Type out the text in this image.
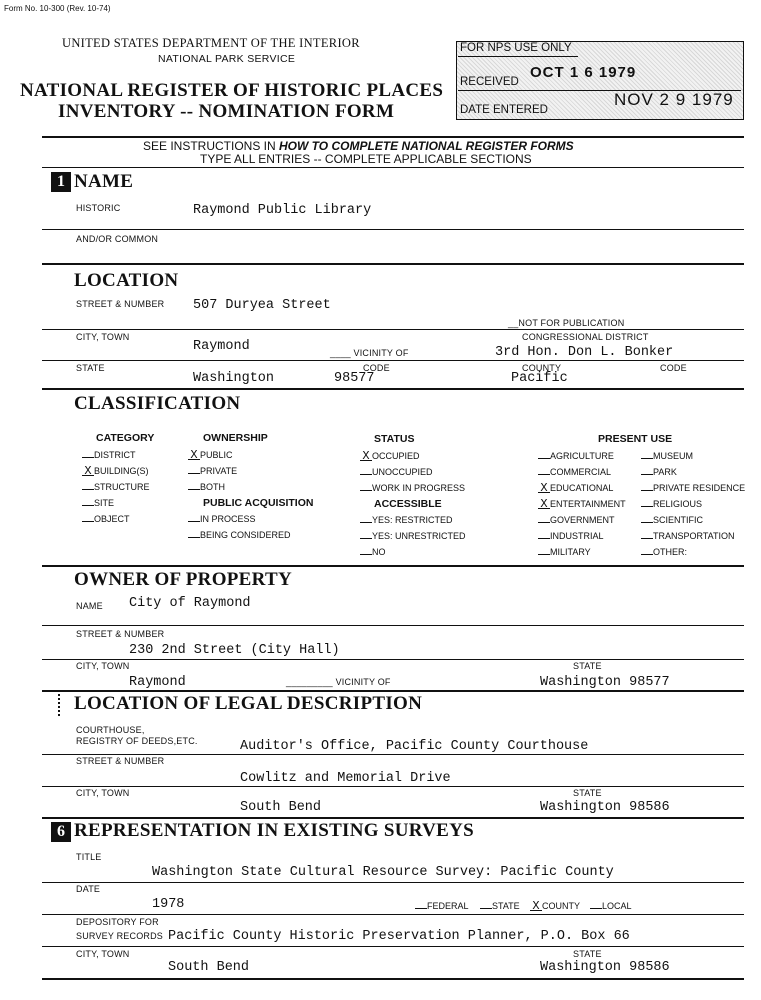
Form No. 10-300 (Rev. 10-74)
UNITED STATES DEPARTMENT OF THE INTERIOR
NATIONAL PARK SERVICE
NATIONAL REGISTER OF HISTORIC PLACES
INVENTORY -- NOMINATION FORM
FOR NPS USE ONLY
RECEIVED
OCT 1 6 1979
DATE ENTERED
NOV 2 9 1979
SEE INSTRUCTIONS IN HOW TO COMPLETE NATIONAL REGISTER FORMS
TYPE ALL ENTRIES -- COMPLETE APPLICABLE SECTIONS
1 NAME
HISTORIC	Raymond Public Library
AND/OR COMMON
LOCATION
STREET & NUMBER 507 Duryea Street
__NOT FOR PUBLICATION
CITY, TOWN
Raymond	____ VICINITY OF
CONGRESSIONAL DISTRICT
3rd Hon. Don L. Bonker
STATE
Washington
CODE
98577
COUNTY
Pacific
CODE
CLASSIFICATION
CATEGORY
DISTRICT
X BUILDING(S)
STRUCTURE
SITE
OBJECT
OWNERSHIP
X PUBLIC
PRIVATE
BOTH
PUBLIC ACQUISITION
IN PROCESS
BEING CONSIDERED
STATUS
X OCCUPIED
UNOCCUPIED
WORK IN PROGRESS
ACCESSIBLE
YES: RESTRICTED
YES: UNRESTRICTED
NO
PRESENT USE
AGRICULTURE
COMMERCIAL
X EDUCATIONAL
X ENTERTAINMENT
GOVERNMENT
INDUSTRIAL
MILITARY
MUSEUM
PARK
PRIVATE RESIDENCE
RELIGIOUS
SCIENTIFIC
TRANSPORTATION
OTHER:
OWNER OF PROPERTY
NAME City of Raymond
STREET & NUMBER
230 2nd Street (City Hall)
CITY, TOWN
Raymond	_________ VICINITY OF
STATE
Washington 98577
LOCATION OF LEGAL DESCRIPTION
COURTHOUSE,
REGISTRY OF DEEDS,ETC.	Auditor's Office, Pacific County Courthouse
STREET & NUMBER
Cowlitz and Memorial Drive
CITY, TOWN
South Bend
STATE
Washington 98586
6 REPRESENTATION IN EXISTING SURVEYS
TITLE
Washington State Cultural Resource Survey: Pacific County
DATE
1978	FEDERAL	STATE X COUNTY	LOCAL
DEPOSITORY FOR
SURVEY RECORDS Pacific County Historic Preservation Planner, P.O. Box 66
CITY, TOWN
South Bend
STATE
Washington 98586
